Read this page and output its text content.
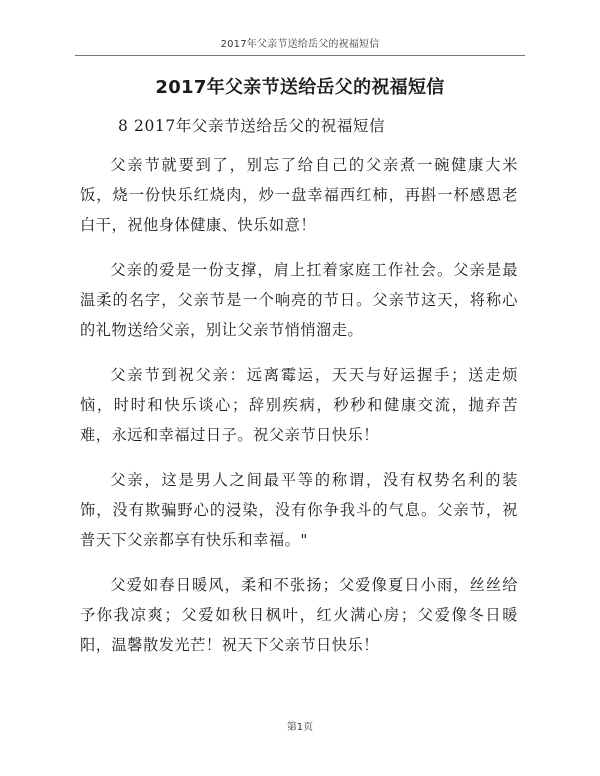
2017年父亲节送给岳父的祝福短信
2017年父亲节送给岳父的祝福短信
8 2017年父亲节送给岳父的祝福短信

父亲节就要到了，别忘了给自己的父亲煮一碗健康大米饭，烧一份快乐红烧肉，炒一盘幸福西红柿，再斟一杯感恩老白干，祝他身体健康、快乐如意！

父亲的爱是一份支撑，肩上扛着家庭工作社会。父亲是最温柔的名字，父亲节是一个响亮的节日。父亲节这天，将称心的礼物送给父亲，别让父亲节悄悄溜走。

父亲节到祝父亲：远离霉运，天天与好运握手；送走烦恼，时时和快乐谈心；辞别疾病，秒秒和健康交流，抛弃苦难，永远和幸福过日子。祝父亲节日快乐！

父亲，这是男人之间最平等的称谓，没有权势名利的装饰，没有欺骗野心的浸染，没有你争我斗的气息。父亲节，祝普天下父亲都享有快乐和幸福。"

父爱如春日暖风，柔和不张扬；父爱像夏日小雨，丝丝给予你我凉爽；父爱如秋日枫叶，红火满心房；父爱像冬日暖阳，温馨散发光芒！祝天下父亲节日快乐！

第1页
